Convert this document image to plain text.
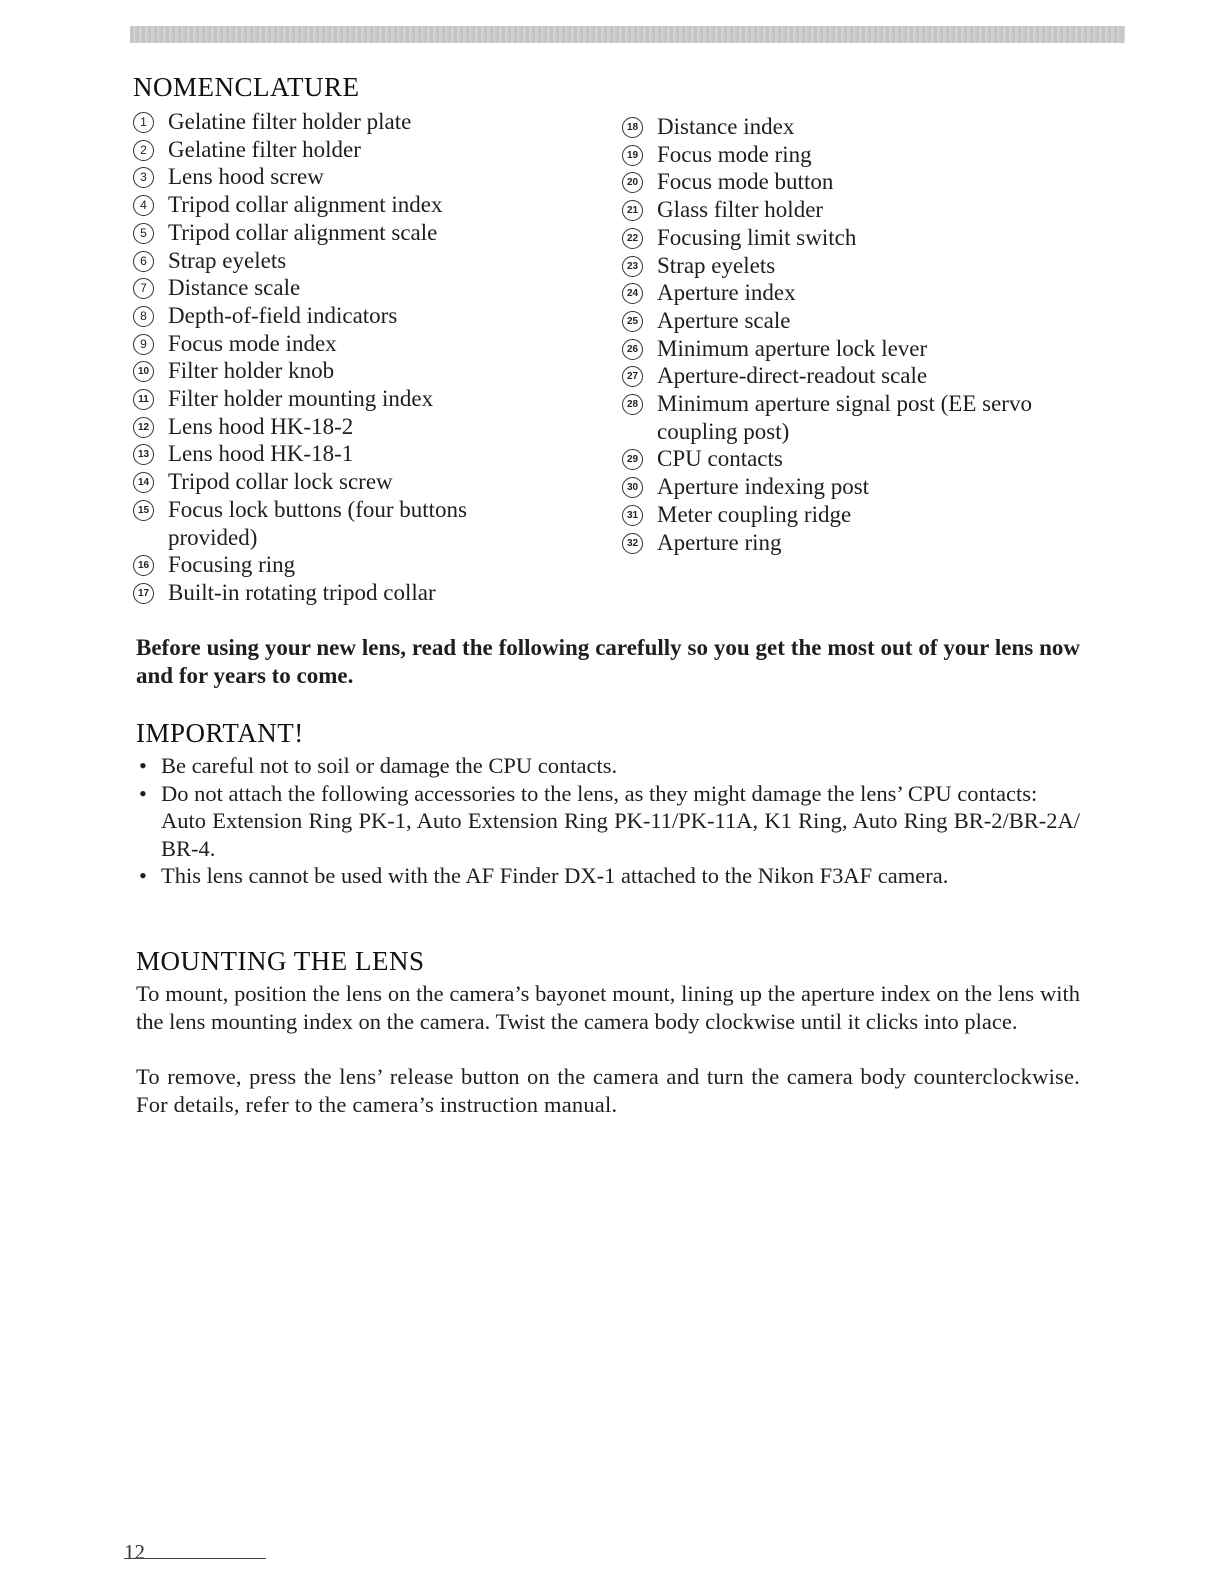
NOMENCLATURE
1 Gelatine filter holder plate
2 Gelatine filter holder
3 Lens hood screw
4 Tripod collar alignment index
5 Tripod collar alignment scale
6 Strap eyelets
7 Distance scale
8 Depth-of-field indicators
9 Focus mode index
10 Filter holder knob
11 Filter holder mounting index
12 Lens hood HK-18-2
13 Lens hood HK-18-1
14 Tripod collar lock screw
15 Focus lock buttons (four buttons provided)
16 Focusing ring
17 Built-in rotating tripod collar
18 Distance index
19 Focus mode ring
20 Focus mode button
21 Glass filter holder
22 Focusing limit switch
23 Strap eyelets
24 Aperture index
25 Aperture scale
26 Minimum aperture lock lever
27 Aperture-direct-readout scale
28 Minimum aperture signal post (EE servo coupling post)
29 CPU contacts
30 Aperture indexing post
31 Meter coupling ridge
32 Aperture ring

Before using your new lens, read the following carefully so you get the most out of your lens now and for years to come.

IMPORTANT!
• Be careful not to soil or damage the CPU contacts.
• Do not attach the following accessories to the lens, as they might damage the lens’ CPU contacts:
Auto Extension Ring PK-1, Auto Extension Ring PK-11/PK-11A, K1 Ring, Auto Ring BR-2/BR-2A/ BR-4.
• This lens cannot be used with the AF Finder DX-1 attached to the Nikon F3AF camera.
MOUNTING THE LENS

To mount, position the lens on the camera’s bayonet mount, lining up the aperture index on the lens with the lens mounting index on the camera. Twist the camera body clockwise until it clicks into place.

To remove, press the lens’ release button on the camera and turn the camera body counterclockwise. For details, refer to the camera’s instruction manual.

12
